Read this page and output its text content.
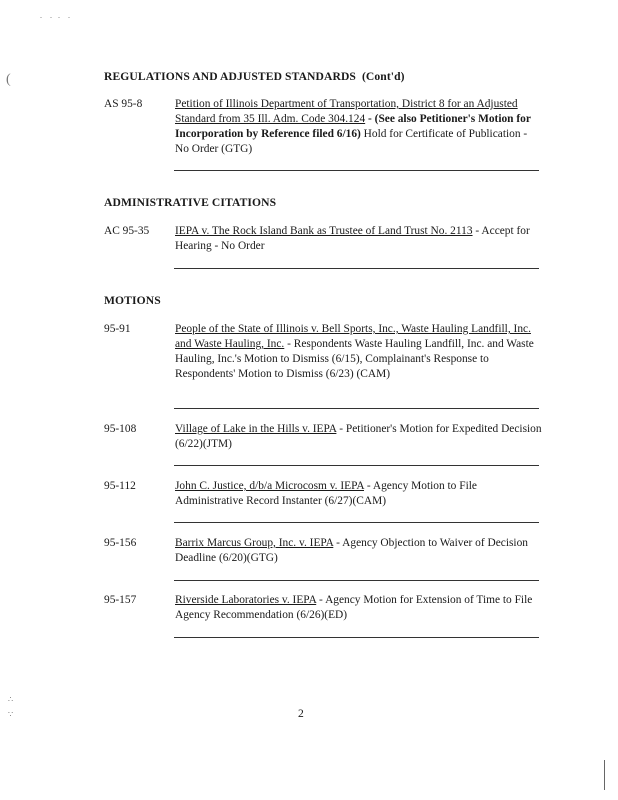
.    .   .    .
(
∴
∵
REGULATIONS AND ADJUSTED STANDARDS (Cont'd)
AS 95-8	Petition of Illinois Department of Transportation, District 8 for an Adjusted Standard from 35 Ill. Adm. Code 304.124 - (See also Petitioner's Motion for Incorporation by Reference filed 6/16) Hold for Certificate of Publication - No Order (GTG)
ADMINISTRATIVE CITATIONS
AC 95-35 IEPA v. The Rock Island Bank as Trustee of Land Trust No. 2113 - Accept for Hearing - No Order
MOTIONS
95-91	People of the State of Illinois v. Bell Sports, Inc., Waste Hauling Landfill, Inc. and Waste Hauling, Inc. - Respondents Waste Hauling Landfill, Inc. and Waste Hauling, Inc.'s Motion to Dismiss (6/15), Complainant's Response to Respondents' Motion to Dismiss (6/23) (CAM)
95-108	Village of Lake in the Hills v. IEPA - Petitioner's Motion for Expedited Decision (6/22)(JTM)
95-112	John C. Justice, d/b/a Microcosm v. IEPA - Agency Motion to File Administrative Record Instanter (6/27)(CAM)
95-156	Barrix Marcus Group, Inc. v. IEPA - Agency Objection to Waiver of Decision Deadline (6/20)(GTG)
95-157	Riverside Laboratories v. IEPA - Agency Motion for Extension of Time to File Agency Recommendation (6/26)(ED)
2
